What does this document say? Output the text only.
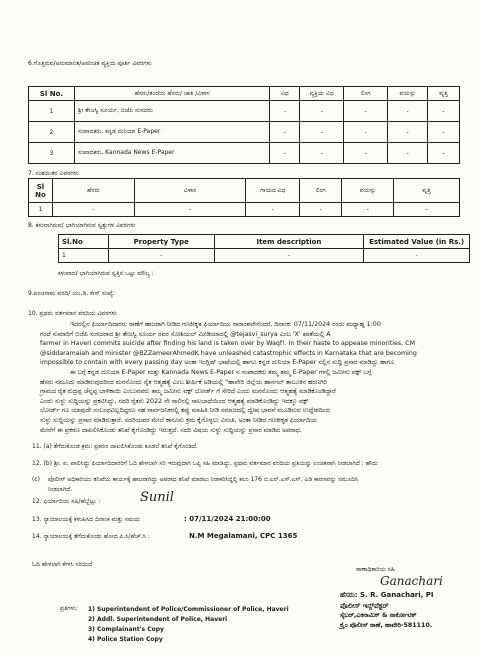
6.ಗೊತ್ತಿರುವ/ಅನುಮಾನಿತ/ಅಪರಿಚಿತ ವ್ಯಕ್ತಿಯ ಪೂರ್ತಿ ವಿವರಗಳು
Sl No.	ಹೆಸರು/ತಂದೆಯ ಹೆಸರು/ ಜಾತಿ /ವಿಳಾಸ	ವಿಧ	ವ್ಯಕ್ತಿಯ ವಿಧ	ಲಿಂಗ	ವಯಸ್ಸು	ವೃತ್ತಿ
1	ಶ್ರೀ ತೇಜಸ್ವಿ ಸೂರ್ಯ, ಬಿಜೆಪಿ ಸಂಸದರು	-	-	-	-	-
2	ಸಂಪಾದಕರು, ಕನ್ನಡ ದುನಿಯಾ E-Paper	-	-	-	-	-
3	ಸಂಪಾದಕರು, Kannada News E-Paper	-	-	-	-	-
7. ಸಂಶಯಿತರ ವಿವರಗಳು
Sl No	ಹೆಸರು	ವಿಳಾಸ	ಗಾಯದ ವಿಧ	ಲಿಂಗ	ವಯಸ್ಸು	ವೃತ್ತಿ
1	-	-	-	-	-	-
8. ಕಳುವಾಗಿರುವ/ ಭಾಗಿಯಾಗಿರುವ ಸ್ವತ್ತುಗಳ ವಿವರಗಳು
Sl.No	Property Type	Item description	Estimated Value (in Rs.)
1	-	-	-
ಕಳುವಾದ/ ಭಾಗಿಯಾಗಿರುವ ಸ್ವತ್ತಿನ ಒಟ್ಟು ಮೌಲ್ಯ :
9.ಪಂಚನಾಮ ವರದಿ/ ಯು.ಡಿ. ಕೇಸ್ ಸಂಖ್ಯೆ:
10. ಪ್ರಥಮ ವರ್ತಮಾನ ವರದಿಯ ವಿವರಗಳು
ಇದರಲ್ಲಿನ ಫಿರ್ಯಾದಿದಾರರು ಠಾಣೆಗೆ ಹಾಜರಾಗಿ ನೀಡಿದ ಗಣಕೀಕೃತ ಫಿರ್ಯಾದಿಯ ಸಾರಾಂಶವೇನೆಂದರೆ, ದಿನಾಂಕ: 07/11/2024 ರಂದು ಮಧ್ಯಾಹ್ನ 1:00
ಗಂಟೆ ಸುಮಾರಿಗೆ ಬಿಜೆಪಿ ಸಂಸದರಾದ ಶ್ರೀ ತೇಜಸ್ವಿ ಸೂರ್ಯ ರವರ ಸೋಶಿಯಲ್ ಮೀಡಿಯಾದಲ್ಲಿ @tejasvi_surya ಎಂಬ 'X' ಖಾತೆಯಲ್ಲಿ A
farmer in Haveri commits suicide after finding his land is taken over by Waqf!. In their haste to appease minorities, CM
@siddaramaiah and minister @BZZameerAhmedK have unleashed catastrophic effects in Karnataka that are becoming
impossible to contain with every passing day ಅಂತಾ ಇಂಗ್ಲಿಷ್ ಭಾಷೆಯಲ್ಲಿ ಹಾಗೂ ಕನ್ನಡ ದುನಿಯಾ E-Paper ನಲ್ಲಿನ ಸುದ್ದಿ ಪ್ರಸಾರ ಮಾಡಿದ್ದು ಹಾಗೂ
ಈ ಬಗ್ಗೆ ಕನ್ನಡ ದುನಿಯಾ E-Paper ಮತ್ತು Kannada News E-Paper ನ ಸಂಪಾದಕರು ತಮ್ಮ ತಮ್ಮ E-Paper ಗಳಲ್ಲಿ ಜಮೀನು ವಕ್ಫ್ ಬಗ್ಗೆ
ಹೆಸರು ನಮೂದು ಮಾಡಿರುವುದರಿಂದ ಮನನೊಂದು ರೈತ ಆತ್ಮಹತ್ಯೆ ಎಂಬ ಶೀರ್ಷಿಕೆ ಅಡಿಯಲ್ಲಿ "ಹಾವೇರಿ ಜಿಲ್ಲೆಯ ಹಾನಗಲ್ ತಾಲೂಕಿನ ಹರಣಗಿರಿ
ಗ್ರಾಮದ ರೈತ ರುದ್ರಪ್ಪ ಚೆನ್ನಪ್ಪ ಬಾಳಿಕಾಯಿ ಎಂಬುವವರು ತಮ್ಮ ಜಮೀನು ವಕ್ಫ್ ಬೋರ್ಡ್ ಗೆ ಸೇರಿದೆ ಎಂದು ಮನನೊಂದು ಆತ್ಮಹತ್ಯೆ ಮಾಡಿಕೊಂಡಿದ್ದಾರೆ
ಎಂದು ಸುಳ್ಳು ಸುದ್ದಿಯನ್ನು ಪ್ರಕಟಿಸಿದ್ದು, ಸದರಿ ರೈತರು 2022 ನೇ ಸಾಲಿನಲ್ಲಿ ಸಾಲಬಾಧೆಯಿಂದ ಆತ್ಮಹತ್ಯೆ ಮಾಡಿಕೊಂಡಿದ್ದು ಇದಕ್ಕೂ ವಕ್ಫ್
ಬೋರ್ಡ್ ಗೂ ಯಾವುದೇ ಸಂಬಂಧವಿಲ್ಲದಿದ್ದರೂ ಸಹ ಸಾರ್ವಜನಿಕರಲ್ಲಿ ತಪ್ಪು ಮಾಹಿತಿ ನೀಡಿ ಸಮಾಜದಲ್ಲಿ ದ್ವೇಷ ಭಾವನೆ ಮೂಡಿಸುವ ಉದ್ದೇಶದಿಂದ
ಸುಳ್ಳು ಸುದ್ದಿಯನ್ನು ಪ್ರಸಾರ ಮಾಡಿರುತ್ತಾರೆ. ಸದರಿಯವರ ಮೇಲೆ ಕಾನೂನು ಕ್ರಮ ಕೈಗೊಳ್ಳಲು ವಿನಂತಿ, ಅಂತಾ ನೀಡಿದ ಗಣಕೀಕೃತ ಫಿರ್ಯಾದಿಯ
ಮೇರೆಗೆ ಈ ಪ್ರಕರಣ ದಾಖಲಿಸಿಕೊಂಡು ತನಿಖೆ ಕೈಗೊಂಡಿದ್ದು ಇರುತ್ತದೆ. ಸದರಿ ವಿಷಯ ಸುಳ್ಳು ಸುದ್ದಿಯನ್ನು ಪ್ರಸಾರ ಮಾಡಿದ ಅಪರಾಧ.
11. (a) ತೆಗೆದುಕೊಂಡ ಕ್ರಮ: ಪ್ರಕರಣ ದಾಖಲಿಸಿಕೊಂಡು ಕೂಡಲೆ ತನಿಖೆ ಕೈಗೊಂಡಿದೆ.
12. (b) ಶ್ರೀ. ಪ. ಪಾಲಿಸಿದ್ದು ಫಿರ್ಯಾದಿದಾರರಿಗೆ ಓದಿ ಹೇಳಲಾಗಿ ಸರಿ ಇರುವುದಾಗಿ ಒಪ್ಪಿ ಸಹಿ ಮಾಡಿದ್ದು, ಪ್ರಥಮ ವರ್ತಮಾನ ವರದಿಯ ಪ್ರತಿಯನ್ನು ಉಚಿತವಾಗಿ ನೀಡಲಾಗಿದೆ : ಹೌದು
(c) ಪೊಲೀಸ್ ಅಧಿಕಾರಿಯು ತನಿಖೆಯ ಕಾರ್ಯಕ್ಕೆ ಹಾಜರಾಗಿದ್ದು ಅಪರಾಧ ತನಿಖೆ ಮಾಡಲು ನಿರಾಕರಿಸಿದ್ದಲ್ಲಿ ಕಲಂ 176 ಬಿ.ಎನ್.ಎಸ್.ಎಸ್. ಎಡಿ ಕಾರಣವನ್ನು ನಮೂದಿಸಿ
ನೀಡಲಾಗಿದೆ.
12. ಫಿರ್ಯಾದಿಯ ಸಹಿ/ಹೆಬ್ಬೆಟ್ಟು :	Sunil
13. ನ್ಯಾಯಾಲಯಕ್ಕೆ ಕಳುಹಿಸಿದ ದಿನಾಂಕ ಮತ್ತು ಸಮಯ	: 07/11/2024 21:00:00
14. ನ್ಯಾಯಾಲಯಕ್ಕೆ ತೆಗೆದುಕೊಂಡು ಹೋದ ಪಿ.ಸಿ/ಹೆಚ್.ಸಿ :	N.M Megalamani, CPC 1365
ಓದಿ ಹೇಳಲಾಗಿ ಕೇಳಿಸಿ ಸರಿಯಿದೆ
ಠಾಣಾಧಿಕಾರಿಯ ಸಹಿ
Ganachari
ಹೆಸರು: S. R. Ganachari, PI
ಪೊಲೀಸ್ ಇನ್ಸ್‌ಪೆಕ್ಟರ್
ಸೈಬರ್,ಎಕನಾಮಿಕ್ & ನಾರ್ಕೋಟಿಕ್
ಕ್ರೈಂ ಪೊಲೀಸ್ ಠಾಣೆ, ಹಾವೇರಿ-581110.
ಪ್ರತಿಗಳು: 1) Superintendent of Police/Commissioner of Police, Haveri
2) Addl. Superintendent of Police, Haveri
3) Complainant's Copy
4) Police Station Copy
